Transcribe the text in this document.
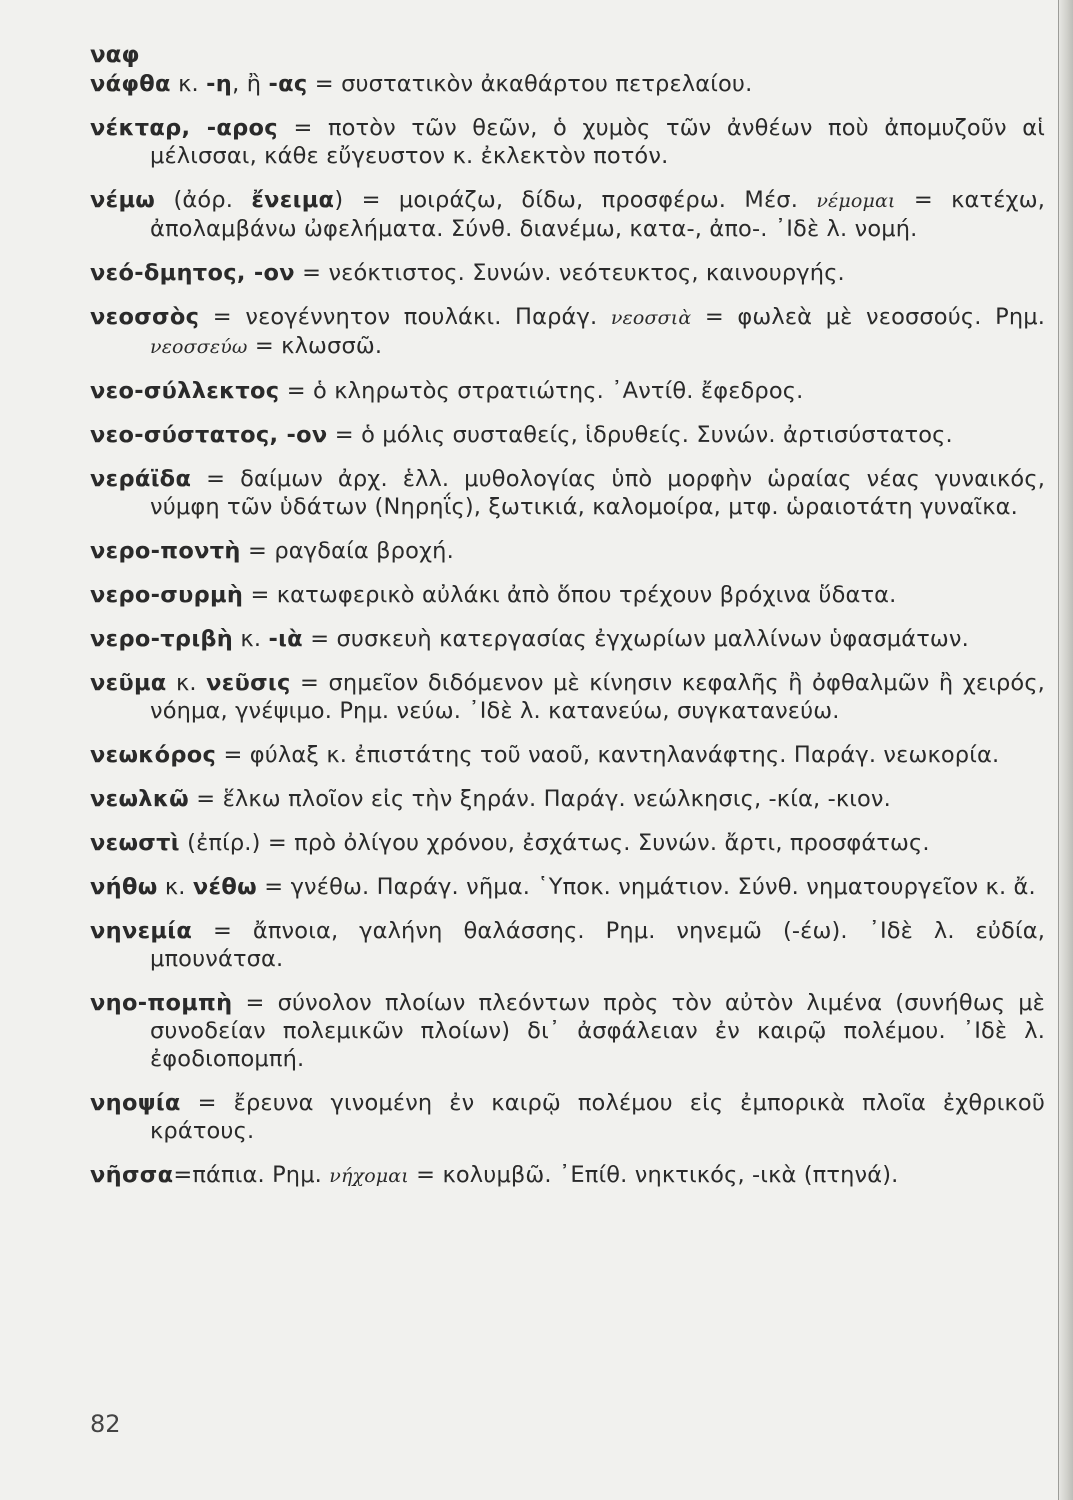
ναφ

νάφθα κ. -η, ἢ -ας = συστατικὸν ἀκαθάρτου πετρελαίου.

νέκταρ, -αρος = ποτὸν τῶν θεῶν, ὁ χυμὸς τῶν ἀνθέων ποὺ ἀπομυζοῦν αἱ μέλισσαι, κάθε εὔγευστον κ. ἐκλεκτὸν ποτόν.

νέμω (ἀόρ. ἔνειμα) = μοιράζω, δίδω, προσφέρω. Μέσ. νέμομαι = κατέχω, ἀπολαμβάνω ὠφελήματα. Σύνθ. διανέμω, κατα-, ἀπο-. ᾽Ιδὲ λ. νομή.

νεό-δμητος, -ον = νεόκτιστος. Συνών. νεότευκτος, καινουργής.

νεοσσὸς = νεογέννητον πουλάκι. Παράγ. νεοσσιὰ = φωλεὰ μὲ νεοσσούς. Ρημ. νεοσσεύω = κλωσσῶ.

νεο-σύλλεκτος = ὁ κληρωτὸς στρατιώτης. ᾽Αντίθ. ἔφεδρος.

νεο-σύστατος, -ον = ὁ μόλις συσταθείς, ἱδρυθείς. Συνών. ἀρτισύστατος.

νεράϊδα = δαίμων ἀρχ. ἑλλ. μυθολογίας ὑπὸ μορφὴν ὡραίας νέας γυναικός, νύμφη τῶν ὑδάτων (Νηρηΐς), ξωτικιά, καλομοίρα, μτφ. ὡραιοτάτη γυναῖκα.

νερο-ποντὴ = ραγδαία βροχή.

νερο-συρμὴ = κατωφερικὸ αὐλάκι ἀπὸ ὅπου τρέχουν βρόχινα ὕδατα.

νερο-τριβὴ κ. -ιὰ = συσκευὴ κατεργασίας ἐγχωρίων μαλλίνων ὑφασμάτων.

νεῦμα κ. νεῦσις = σημεῖον διδόμενον μὲ κίνησιν κεφαλῆς ἢ ὀφθαλμῶν ἢ χειρός, νόημα, γνέψιμο. Ρημ. νεύω. ᾽Ιδὲ λ. κατανεύω, συγκατανεύω.

νεωκόρος = φύλαξ κ. ἐπιστάτης τοῦ ναοῦ, καντηλανάφτης. Παράγ. νεωκορία.

νεωλκῶ = ἕλκω πλοῖον εἰς τὴν ξηράν. Παράγ. νεώλκησις, -κία, -κιον.

νεωστὶ (ἐπίρ.) = πρὸ ὀλίγου χρόνου, ἐσχάτως. Συνών. ἄρτι, προσφάτως.

νήθω κ. νέθω = γνέθω. Παράγ. νῆμα. ῾Υποκ. νημάτιον. Σύνθ. νηματουργεῖον κ. ἄ.

νηνεμία = ἄπνοια, γαλήνη θαλάσσης. Ρημ. νηνεμῶ (-έω). ᾽Ιδὲ λ. εὐδία, μπουνάτσα.

νηο-πομπὴ = σύνολον πλοίων πλεόντων πρὸς τὸν αὐτὸν λιμένα (συνήθως μὲ συνοδείαν πολεμικῶν πλοίων) δι᾽ ἀσφάλειαν ἐν καιρῷ πολέμου. ᾽Ιδὲ λ. ἐφοδιοπομπή.

νηοψία = ἔρευνα γινομένη ἐν καιρῷ πολέμου εἰς ἐμπορικὰ πλοῖα ἐχθρικοῦ κράτους.

νῆσσα=πάπια. Ρημ. νήχομαι = κολυμβῶ. ᾽Επίθ. νηκτικός, -ικὰ (πτηνά).

82
